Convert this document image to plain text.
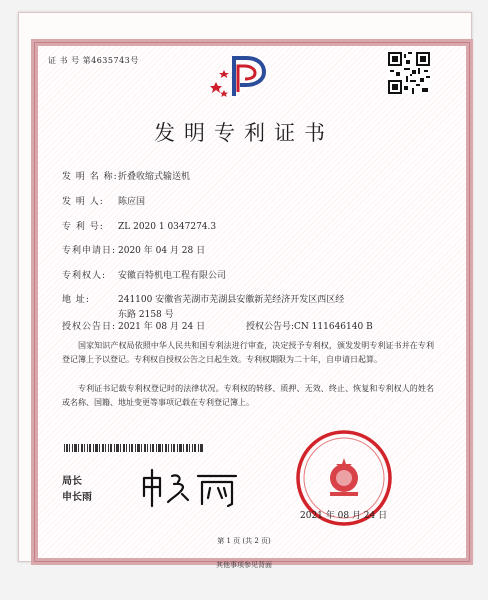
证 书 号 第4635743号
发明专利证书
发 明 名 称:折叠收缩式输送机
发 明 人: 陈应国
专 利 号: ZL 2020 1 0347274.3
专利申请日: 2020 年 04 月 28 日
专利权人: 安徽百特机电工程有限公司
地 址:	241100 安徽省芜湖市芜湖县安徽新芜经济开发区西区经
东路 2158 号
授权公告日: 2021 年 08 月 24 日	授权公告号:CN 111646140 B
国家知识产权局依照中华人民共和国专利法进行审查，决定授予专利权，颁发发明专利证书并在专利登记簿上予以登记。专利权自授权公告之日起生效。专利权期限为二十年，自申请日起算。
专利证书记载专利权登记时的法律状况。专利权的转移、质押、无效、终止、恢复和专利权人的姓名或名称、国籍、地址变更等事项记载在专利登记簿上。
局长
申长雨
2021 年 08 月 24 日
第 1 页 (共 2 页)
其他事项参见背面
